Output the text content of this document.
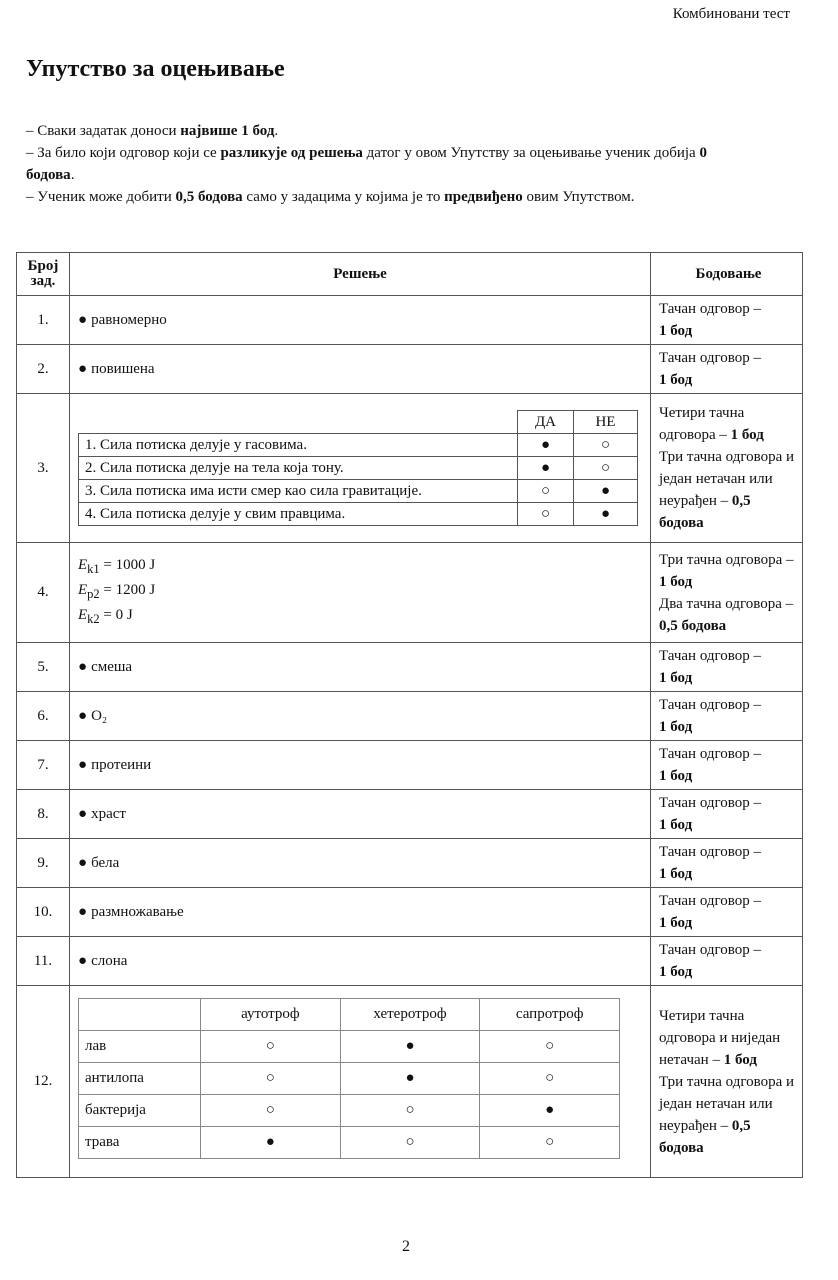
Комбиновани тест
Упутство за оцењивање

– Сваки задатак доноси највише 1 бод.

– За било који одговор који се разликује од решења датог у овом Упутству за оцењивање ученик добија 0 бодова.

– Ученик може добити 0,5 бодова само у задацима у којима је то предвиђено овим Упутством.

Број зад.	Решење	Бодовање
1.	● равномерно	Тачан одговор –
1 бод
2.	● повишена	Тачан одговор –
1 бод
3.	
	ДА	НЕ
1. Сила потиска делује у гасовима.	●	○
2. Сила потиска делује на тела која тону.	●	○
3. Сила потиска има исти смер као сила гравитације.	○	●
4. Сила потиска делује у свим правцима.	○	●
	Четири тачна одговора – 1 бод
Три тачна одговора и један нетачан или неурађен – 0,5 бодова
4.	
$E_{k1} = 1000$ J
$E_{p2} = 1200$ J
$E_{k2} = 0$ J
	Три тачна одговора – 1 бод
Два тачна одговора – 0,5 бодова
5.	● смеша	Тачан одговор –
1 бод
6.	● O₂	Тачан одговор –
1 бод
7.	● протеини	Тачан одговор –
1 бод
8.	● храст	Тачан одговор –
1 бод
9.	● бела	Тачан одговор –
1 бод
10.	● размножавање	Тачан одговор –
1 бод
11.	● слона	Тачан одговор –
1 бод
12.	
	аутотроф	хетеротроф	сапротроф
лав	○	●	○
антилопа	○	●	○
бактерија	○	○	●
трава	●	○	○
	Четири тачна одговора и ниједан нетачан – 1 бод
Три тачна одговора и један нетачан или неурађен – 0,5 бодова
2
